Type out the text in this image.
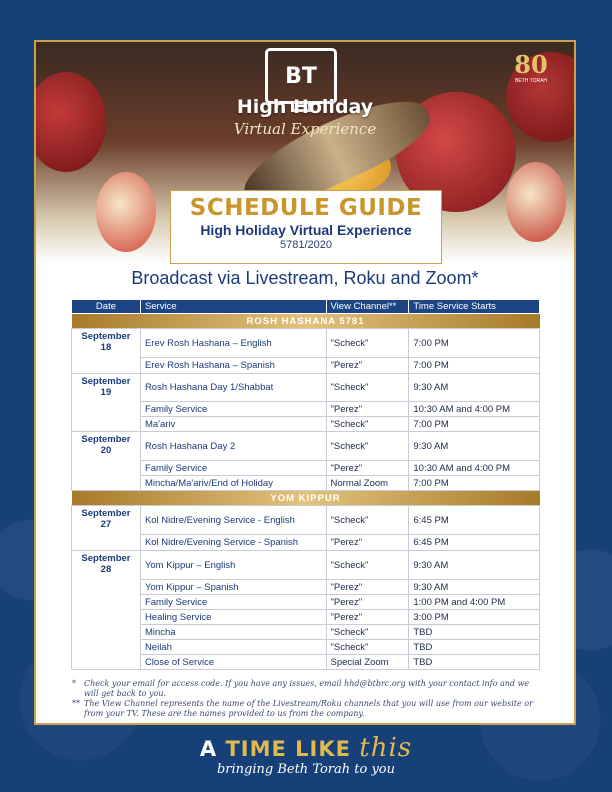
BT
High Holiday
Virtual Experience
80
BETH TORAH
SCHEDULE GUIDE
High Holiday Virtual Experience
5781/2020
Broadcast via Livestream, Roku and Zoom*
Date	Service	View Channel**	Time Service Starts
ROSH HASHANA 5781			
September 18	Erev Rosh Hashana – English	"Scheck"	7:00 PM
	Erev Rosh Hashana – Spanish	"Perez"	7:00 PM
September 19	Rosh Hashana Day 1/Shabbat	"Scheck"	9:30 AM
	Family Service	"Perez"	10:30 AM and 4:00 PM
	Ma'ariv	"Scheck"	7:00 PM
September 20	Rosh Hashana Day 2	"Scheck"	9:30 AM
	Family Service	"Perez"	10:30 AM and 4:00 PM
	Mincha/Ma'ariv/End of Holiday	Normal Zoom	7:00 PM
YOM KIPPUR			
September 27	Kol Nidre/Evening Service - English	"Scheck"	6:45 PM
	Kol Nidre/Evening Service - Spanish	"Perez"	6:45 PM
September 28	Yom Kippur – English	"Scheck"	9:30 AM
	Yom Kippur – Spanish	"Perez"	9:30 AM
	Family Service	"Perez"	1:00 PM and 4:00 PM
	Healing Service	"Perez"	3:00 PM
	Mincha	"Scheck"	TBD
	Neilah	"Scheck"	TBD
	Close of Service	Special Zoom	TBD
*	Check your email for access code. If you have any issues, email hhd@btbrc.org with your contact info and we will get back to you.
** The View Channel represents the name of the Livestream/Roku channels that you will use from our website or from your TV. These are the names provided to us from the company.
A TIME LIKE this
bringing Beth Torah to you
